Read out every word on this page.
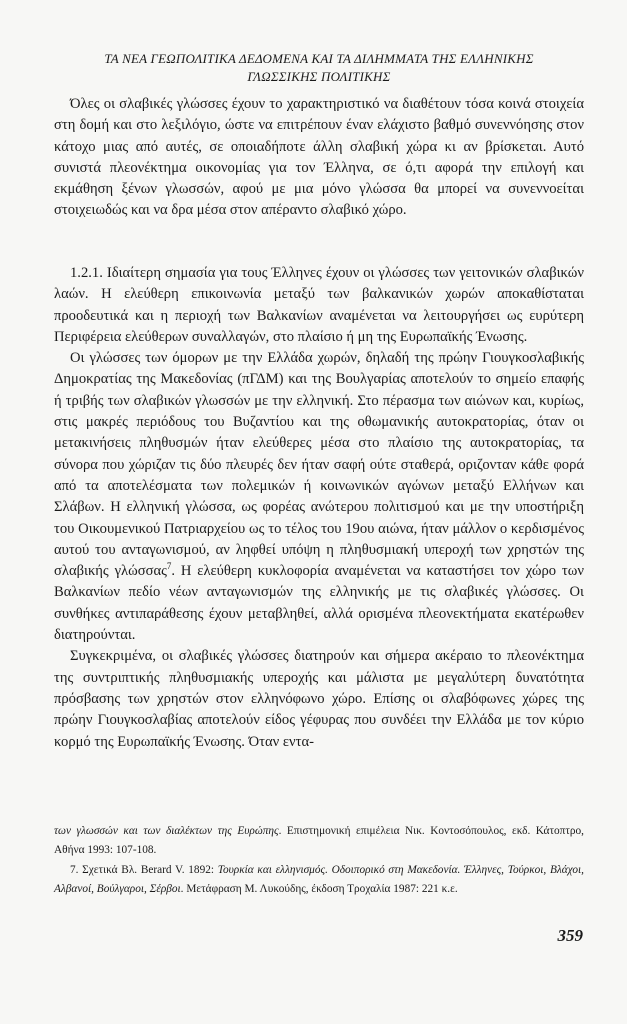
ΤΑ ΝΕΑ ΓΕΩΠΟΛΙΤΙΚΑ ΔΕΔΟΜΕΝΑ ΚΑΙ ΤΑ ΔΙΛΗΜΜΑΤΑ ΤΗΣ ΕΛΛΗΝΙΚΗΣ
ΓΛΩΣΣΙΚΗΣ ΠΟΛΙΤΙΚΗΣ

Όλες οι σλαβικές γλώσσες έχουν το χαρακτηριστικό να διαθέτουν τόσα κοινά στοιχεία στη δομή και στο λεξιλόγιο, ώστε να επιτρέπουν έναν ελάχιστο βαθμό συνεννόησης στον κάτοχο μιας από αυτές, σε οποιαδήποτε άλλη σλαβική χώρα κι αν βρίσκεται. Αυτό συνιστά πλεονέκτημα οικονομίας για τον Έλληνα, σε ό,τι αφορά την επιλογή και εκμάθηση ξένων γλωσσών, αφού με μια μόνο γλώσσα θα μπορεί να συνεννοείται στοιχειωδώς και να δρα μέσα στον απέραντο σλαβικό χώρο.

1.2.1. Ιδιαίτερη σημασία για τους Έλληνες έχουν οι γλώσσες των γειτονικών σλαβικών λαών. Η ελεύθερη επικοινωνία μεταξύ των βαλκανικών χωρών αποκαθίσταται προοδευτικά και η περιοχή των Βαλκανίων αναμένεται να λειτουργήσει ως ευρύτερη Περιφέρεια ελεύθερων συναλλαγών, στο πλαίσιο ή μη της Ευρωπαϊκής Ένωσης.

Οι γλώσσες των όμορων με την Ελλάδα χωρών, δηλαδή της πρώην Γιουγκοσλαβικής Δημοκρατίας της Μακεδονίας (πΓΔΜ) και της Βουλγαρίας αποτελούν το σημείο επαφής ή τριβής των σλαβικών γλωσσών με την ελληνική. Στο πέρασμα των αιώνων και, κυρίως, στις μακρές περιόδους του Βυζαντίου και της οθωμανικής αυτοκρατορίας, όταν οι μετακινήσεις πληθυσμών ήταν ελεύθερες μέσα στο πλαίσιο της αυτοκρατορίας, τα σύνορα που χώριζαν τις δύο πλευρές δεν ήταν σαφή ούτε σταθερά, οριζονταν κάθε φορά από τα αποτελέσματα των πολεμικών ή κοινωνικών αγώνων μεταξύ Ελλήνων και Σλάβων. Η ελληνική γλώσσα, ως φορέας ανώτερου πολιτισμού και με την υποστήριξη του Οικουμενικού Πατριαρχείου ως το τέλος του 19ου αιώνα, ήταν μάλλον ο κερδισμένος αυτού του ανταγωνισμού, αν ληφθεί υπόψη η πληθυσμιακή υπεροχή των χρηστών της σλαβικής γλώσσας$^7$. Η ελεύθερη κυκλοφορία αναμένεται να καταστήσει τον χώρο των Βαλκανίων πεδίο νέων ανταγωνισμών της ελληνικής με τις σλαβικές γλώσσες. Οι συνθήκες αντιπαράθεσης έχουν μεταβληθεί, αλλά ορισμένα πλεονεκτήματα εκατέρωθεν διατηρούνται.

Συγκεκριμένα, οι σλαβικές γλώσσες διατηρούν και σήμερα ακέραιο το πλεονέκτημα της συντριπτικής πληθυσμιακής υπεροχής και μάλιστα με μεγαλύτερη δυνατότητα πρόσβασης των χρηστών στον ελληνόφωνο χώρο. Επίσης οι σλαβόφωνες χώρες της πρώην Γιουγκοσλαβίας αποτελούν είδος γέφυρας που συνδέει την Ελλάδα με τον κύριο κορμό της Ευρωπαϊκής Ένωσης. Όταν εντα-

των γλωσσών και των διαλέκτων της Ευρώπης. Επιστημονική επιμέλεια Νικ. Κοντοσόπουλος, εκδ. Κάτοπτρο, Αθήνα 1993: 107-108.

7. Σχετικά Βλ. Berard V. 1892: Τουρκία και ελληνισμός. Οδοιπορικό στη Μακεδονία. Έλληνες, Τούρκοι, Βλάχοι, Αλβανοί, Βούλγαροι, Σέρβοι. Μετάφραση Μ. Λυκούδης, έκδοση Τροχαλία 1987: 221 κ.ε.

359
